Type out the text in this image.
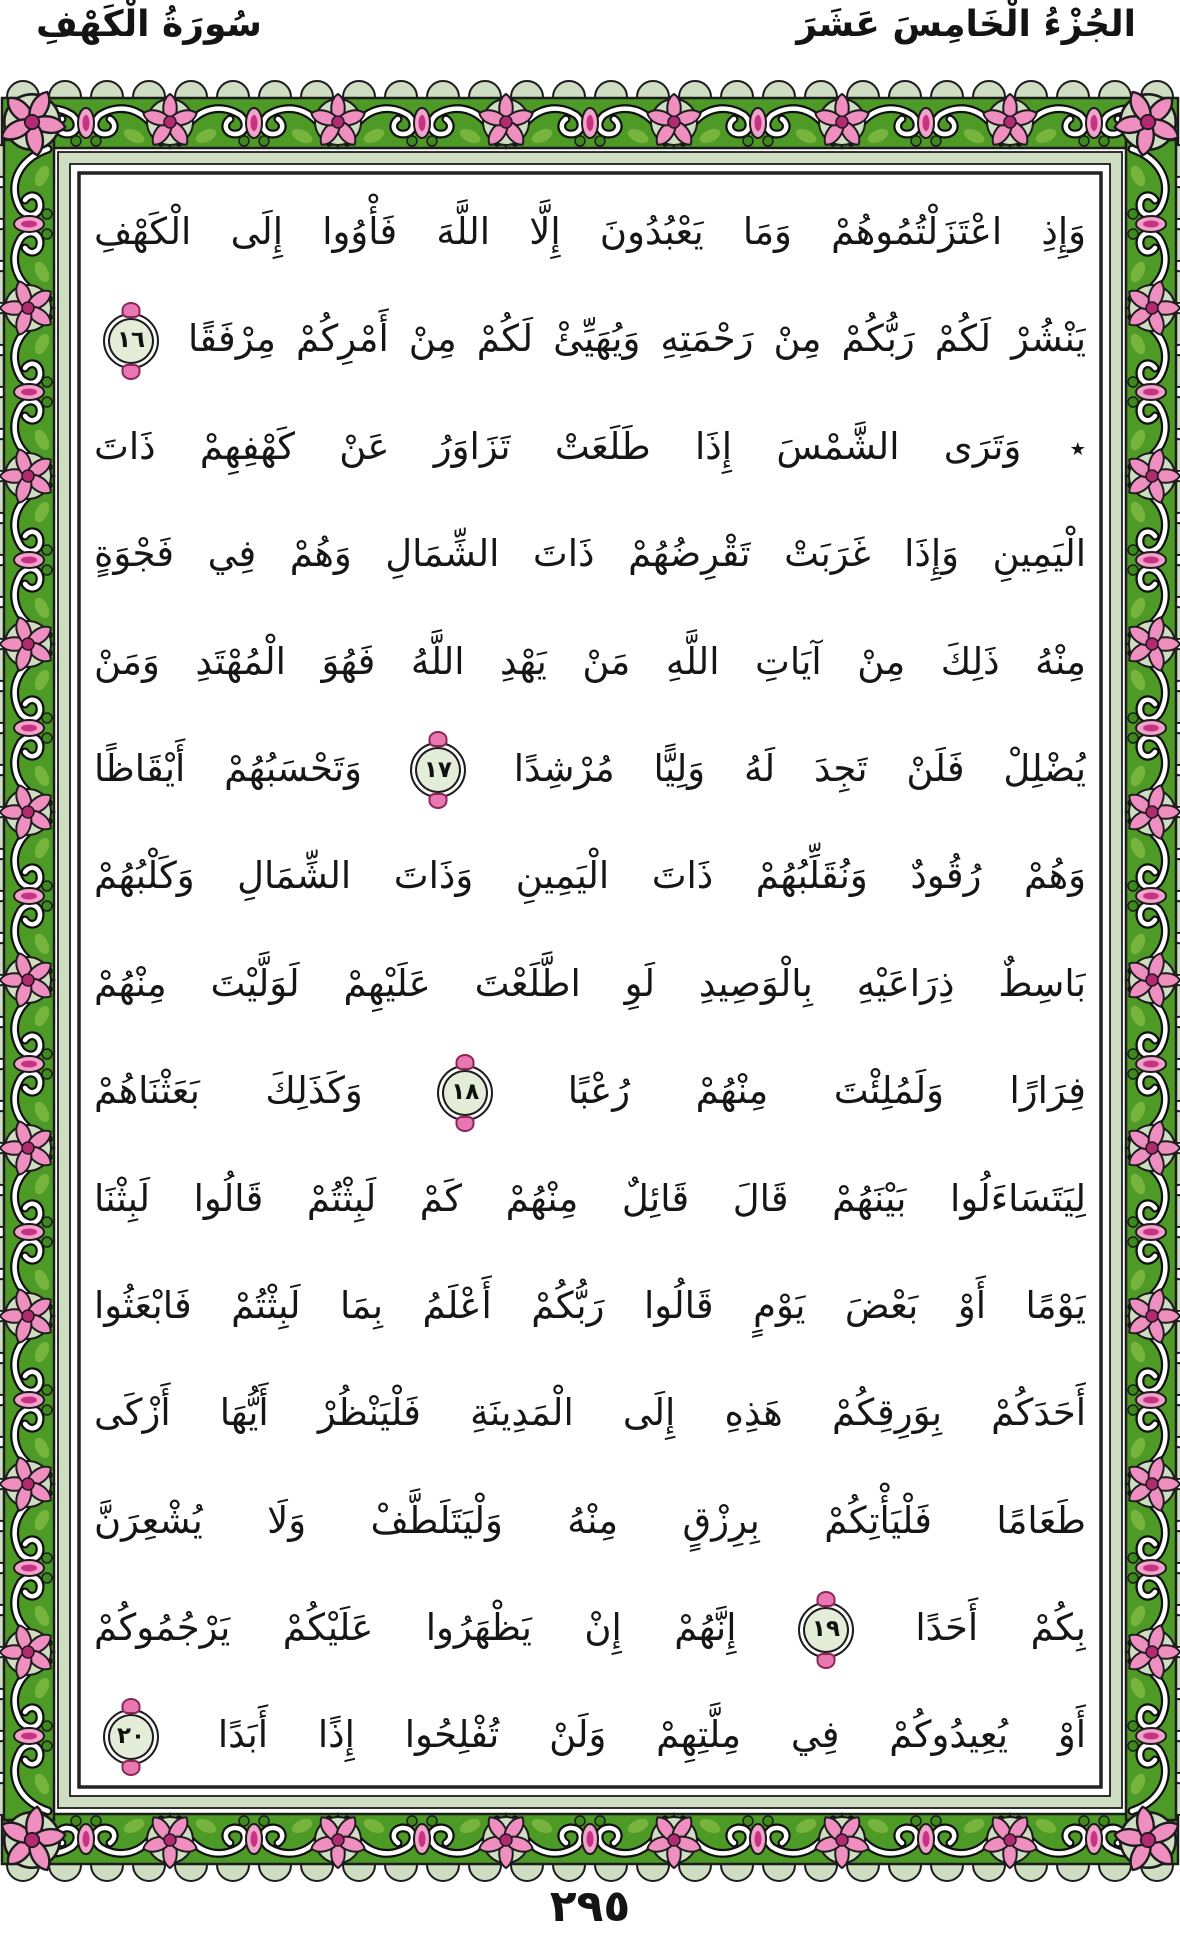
الجُزْءُ الْخَامِسَ عَشَرَ
سُورَةُ الْكَهْفِ
وَإِذِ اعْتَزَلْتُمُوهُمْ وَمَا يَعْبُدُونَ إِلَّا اللَّهَ فَأْوُوا إِلَى الْكَهْفِ
يَنْشُرْ لَكُمْ رَبُّكُمْ مِنْ رَحْمَتِهِ وَيُهَيِّئْ لَكُمْ مِنْ أَمْرِكُمْ مِرْفَقًا
١٦
٭ وَتَرَى الشَّمْسَ إِذَا طَلَعَتْ تَزَاوَرُ عَنْ كَهْفِهِمْ ذَاتَ
الْيَمِينِ وَإِذَا غَرَبَتْ تَقْرِضُهُمْ ذَاتَ الشِّمَالِ وَهُمْ فِي فَجْوَةٍ
مِنْهُ ذَلِكَ مِنْ آيَاتِ اللَّهِ مَنْ يَهْدِ اللَّهُ فَهُوَ الْمُهْتَدِ وَمَنْ
يُضْلِلْ فَلَنْ تَجِدَ لَهُ وَلِيًّا مُرْشِدًا
١٧
وَتَحْسَبُهُمْ أَيْقَاظًا
وَهُمْ رُقُودٌ وَنُقَلِّبُهُمْ ذَاتَ الْيَمِينِ وَذَاتَ الشِّمَالِ وَكَلْبُهُمْ
بَاسِطٌ ذِرَاعَيْهِ بِالْوَصِيدِ لَوِ اطَّلَعْتَ عَلَيْهِمْ لَوَلَّيْتَ مِنْهُمْ
فِرَارًا وَلَمُلِئْتَ مِنْهُمْ رُعْبًا
١٨
وَكَذَلِكَ بَعَثْنَاهُمْ
لِيَتَسَاءَلُوا بَيْنَهُمْ قَالَ قَائِلٌ مِنْهُمْ كَمْ لَبِثْتُمْ قَالُوا لَبِثْنَا
يَوْمًا أَوْ بَعْضَ يَوْمٍ قَالُوا رَبُّكُمْ أَعْلَمُ بِمَا لَبِثْتُمْ فَابْعَثُوا
أَحَدَكُمْ بِوَرِقِكُمْ هَذِهِ إِلَى الْمَدِينَةِ فَلْيَنْظُرْ أَيُّهَا أَزْكَى
طَعَامًا فَلْيَأْتِكُمْ بِرِزْقٍ مِنْهُ وَلْيَتَلَطَّفْ وَلَا يُشْعِرَنَّ
بِكُمْ أَحَدًا
١٩
إِنَّهُمْ إِنْ يَظْهَرُوا عَلَيْكُمْ يَرْجُمُوكُمْ
أَوْ يُعِيدُوكُمْ فِي مِلَّتِهِمْ وَلَنْ تُفْلِحُوا إِذًا أَبَدًا
٢٠
٢٩٥
